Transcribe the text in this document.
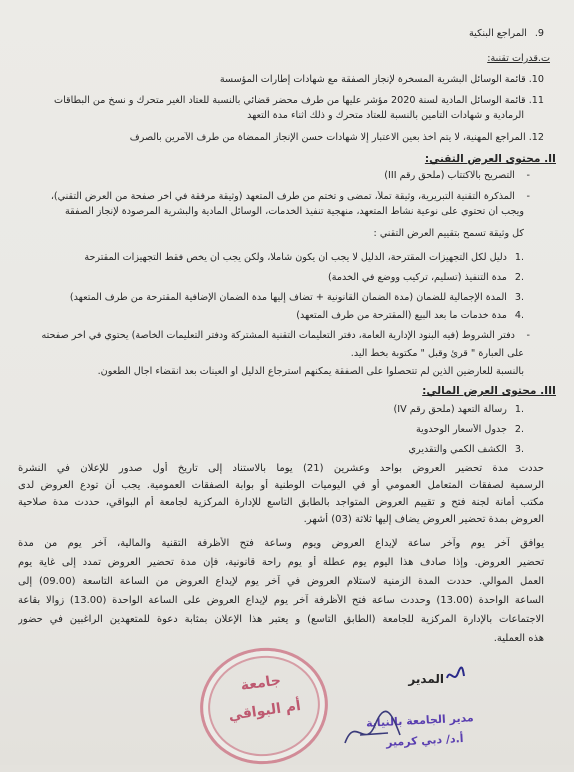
9. المراجع البنكية
ت.قدرات تقنية:
10. قائمة الوسائل البشرية المسخرة لإنجاز الصفقة مع شهادات إطارات المؤسسة
11. قائمة الوسائل المادية لسنة 2020 مؤشر عليها من طرف محضر قضائي بالنسبة للعتاد الغير متحرك و نسخ من البطاقات
الرمادية و شهادات التأمين بالنسبة للعتاد متحرك و ذلك أثناء مدة التعهد
12. المراجع المهنية، لا يتم أخذ بعين الاعتبار إلا شهادات حسن الإنجاز الممضاة من طرف الآمرين بالصرف
II. محتوى العرض التقني:
- التصريح بالاكتتاب (ملحق رقم III)
- المذكرة التقنية التبريرية، وثيقة تملأ، تمضى و تختم من طرف المتعهد (وثيقة مرفقة في آخر صفحة من العرض التقني)،
ويجب أن تحتوي على نوعية نشاط المتعهد، منهجية تنفيذ الخدمات، الوسائل المادية والبشرية المرصودة لإنجاز الصفقة
كل وثيقة تسمح بتقييم العرض التقني :
.1 دليل لكل التجهيزات المقترحة، الدليل لا يجب أن يكون شاملا، ولكن يجب أن يخص فقط التجهيزات المقترحة
.2 مدة التنفيذ (تسليم، تركيب ووضع في الخدمة)
.3 المدة الإجمالية للضمان (مدة الضمان القانونية + تضاف إليها مدة الضمان الإضافية المقترحة من طرف المتعهد)
.4 مدة خدمات ما بعد البيع (المقترحة من طرف المتعهد)
- دفتر الشروط (فيه البنود الإدارية العامة، دفتر التعليمات التقنية المشتركة ودفتر التعليمات الخاصة) يحتوي في آخر صفحته
على العبارة " قرئ وقبل " مكتوبة بخط اليد.
بالنسبة للعارضين الذين لم تتحصلوا على الصفقة يمكنهم استرجاع الدليل أو العينات بعد انقضاء آجال الطعون.
III. محتوى العرض المالي:
.1 رسالة التعهد (ملحق رقم IV)
.2 جدول الأسعار الوحدوية
.3 الكشف الكمي والتقديري
حددت مدة تحضير العروض بواحد وعشرين (21) يوما بالاستناد إلى تاريخ أول صدور للإعلان في النشرة
الرسمية لصفقات المتعامل العمومي أو في اليوميات الوطنية أو بوابة الصفقات العمومية. يجب أن تودع العروض لدى
مكتب أمانة لجنة فتح و تقييم العروض المتواجد بالطابق التاسع للإدارة المركزية لجامعة أم البواقي، حددت مدة صلاحية
العروض بمدة تحضير العروض يضاف إليها ثلاثة (03) أشهر.
يوافق آخر يوم وآخر ساعة لإيداع العروض ويوم وساعة فتح الأظرفة التقنية والمالية، آخر يوم من مدة
تحضير العروض. وإذا صادف هذا اليوم يوم عطلة أو يوم راحة قانونية، فإن مدة تحضير العروض تمدد إلى غاية يوم
العمل الموالي. حددت المدة الزمنية لاستلام العروض في آخر يوم لإيداع العروض من الساعة التاسعة (09.00) إلى
الساعة الواحدة (13.00) وحددت ساعة فتح الأظرفة آخر يوم لإيداع العروض على الساعة الواحدة (13.00) زوالا بقاعة
الاجتماعات بالإدارة المركزية للجامعة (الطابق التاسع) و يعتبر هذا الإعلان بمثابة دعوة للمتعهدين الراغبين في حضور
هذه العملية.
جامعة
أم البواقي
المدير
مدير الجامعة بالنيابة
أ.د/ دبي كرمير
